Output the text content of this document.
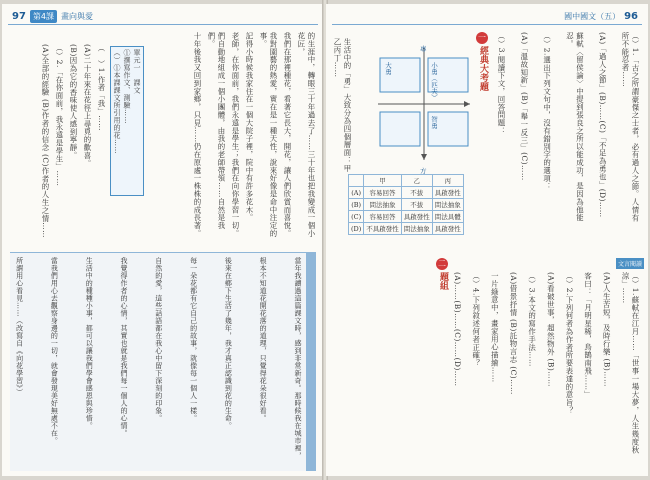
97 第4課 畫向與愛
的生涯中，轉眼三十年過去了……三十年也把我變成一個小花匠，
我們在那裡種花，看著它長大，開花，讓人們欣賞而喜悅。
我對園藝的熱愛，實在是一種天性，說來好像是命中注定的事。
記得小時候我家住在一個大院子裡，院中有許多花木。
老師，在你面前，我們永遠是學生；我們在向你學習一切。
們自動地組成一個小團體，由我的老師帶領……自然是我們。
十年後我又回到家鄉，只見……仍在原處一株株的成長著。
單元一　課文
①撰寫作文、測驗……
（）①本課課文所引用的花……
（　）1.作者「我」……
(A)二十年來在花徑上尋覓的歡喜。
(B)因為它的香味使人感到寧靜。
（）2.「在你面前，我永遠是學生」……
(A)全部的經驗 (B)作者的信念 (C)作者的人生之情……
當年我讀過這篇課文時，感到非常新奇。那時候我在城市裡，
根本不知道花開花落的道理，只覺得花朵很好看。
後來在鄉下生活了幾年，我才真正認識到花的生命。
每一朵花都有它自己的故事，就像每一個人一樣。
自然的愛，這些話語都在我心中留下深刻的印象。
我覺得作者的心情，其實也就是我們每一個人的心情。
生活中的種種小事，都可以讓我們學會感恩與珍惜。
當我們用心去觀察身邊的一切，就會發現美好無處不在。
所謂用心看見……（改寫自《向花學習》）
國中國文（五） 96
（）1.「古之所謂豪傑之士者，必有過人之節。人情有所不能忍者……
(A)「過人之節」(B)……(C)「不足為勇也」(D)……
蘇軾〈留侯論〉中提到張良之所以能成功，是因為他能忍。
（）2.選出下列文句中，沒有錯別字的選項：
(A)「溫故知新」(B)「舉一反三」(C)……
（）3.閱讀下文，回答問題：
一
經典大考題
專
方
小勇（匹夫）
大勇
智勇
	甲	乙	丙
(A)	容易回答	不拔	具啟發性
(B)	問法抽象	不拔	問法抽象
(C)	容易回答	具啟發性	問法具體
(D)	不具啟發性	問法抽象	具啟發性
生活中的「勇」大致分為四個層面：甲乙丙丁……
二
題組
文言閱讀
（）1.蘇軾在江月……「世事一場大夢，人生幾度秋涼」……
(A)人生苦短，及時行樂 (B)……
客曰：「月明星稀，烏鵲南飛……」
（）2.下列何者為作者所要表達的意旨？
(A)看破世事，超然物外 (B)……
（）3.本文的寫作手法……
(A)借景抒情 (B)託物言志 (C)……
一片綠意中，畫家用心描繪……
（）4.下列敘述何者正確？
(A)……(B)……(C)……(D)……
